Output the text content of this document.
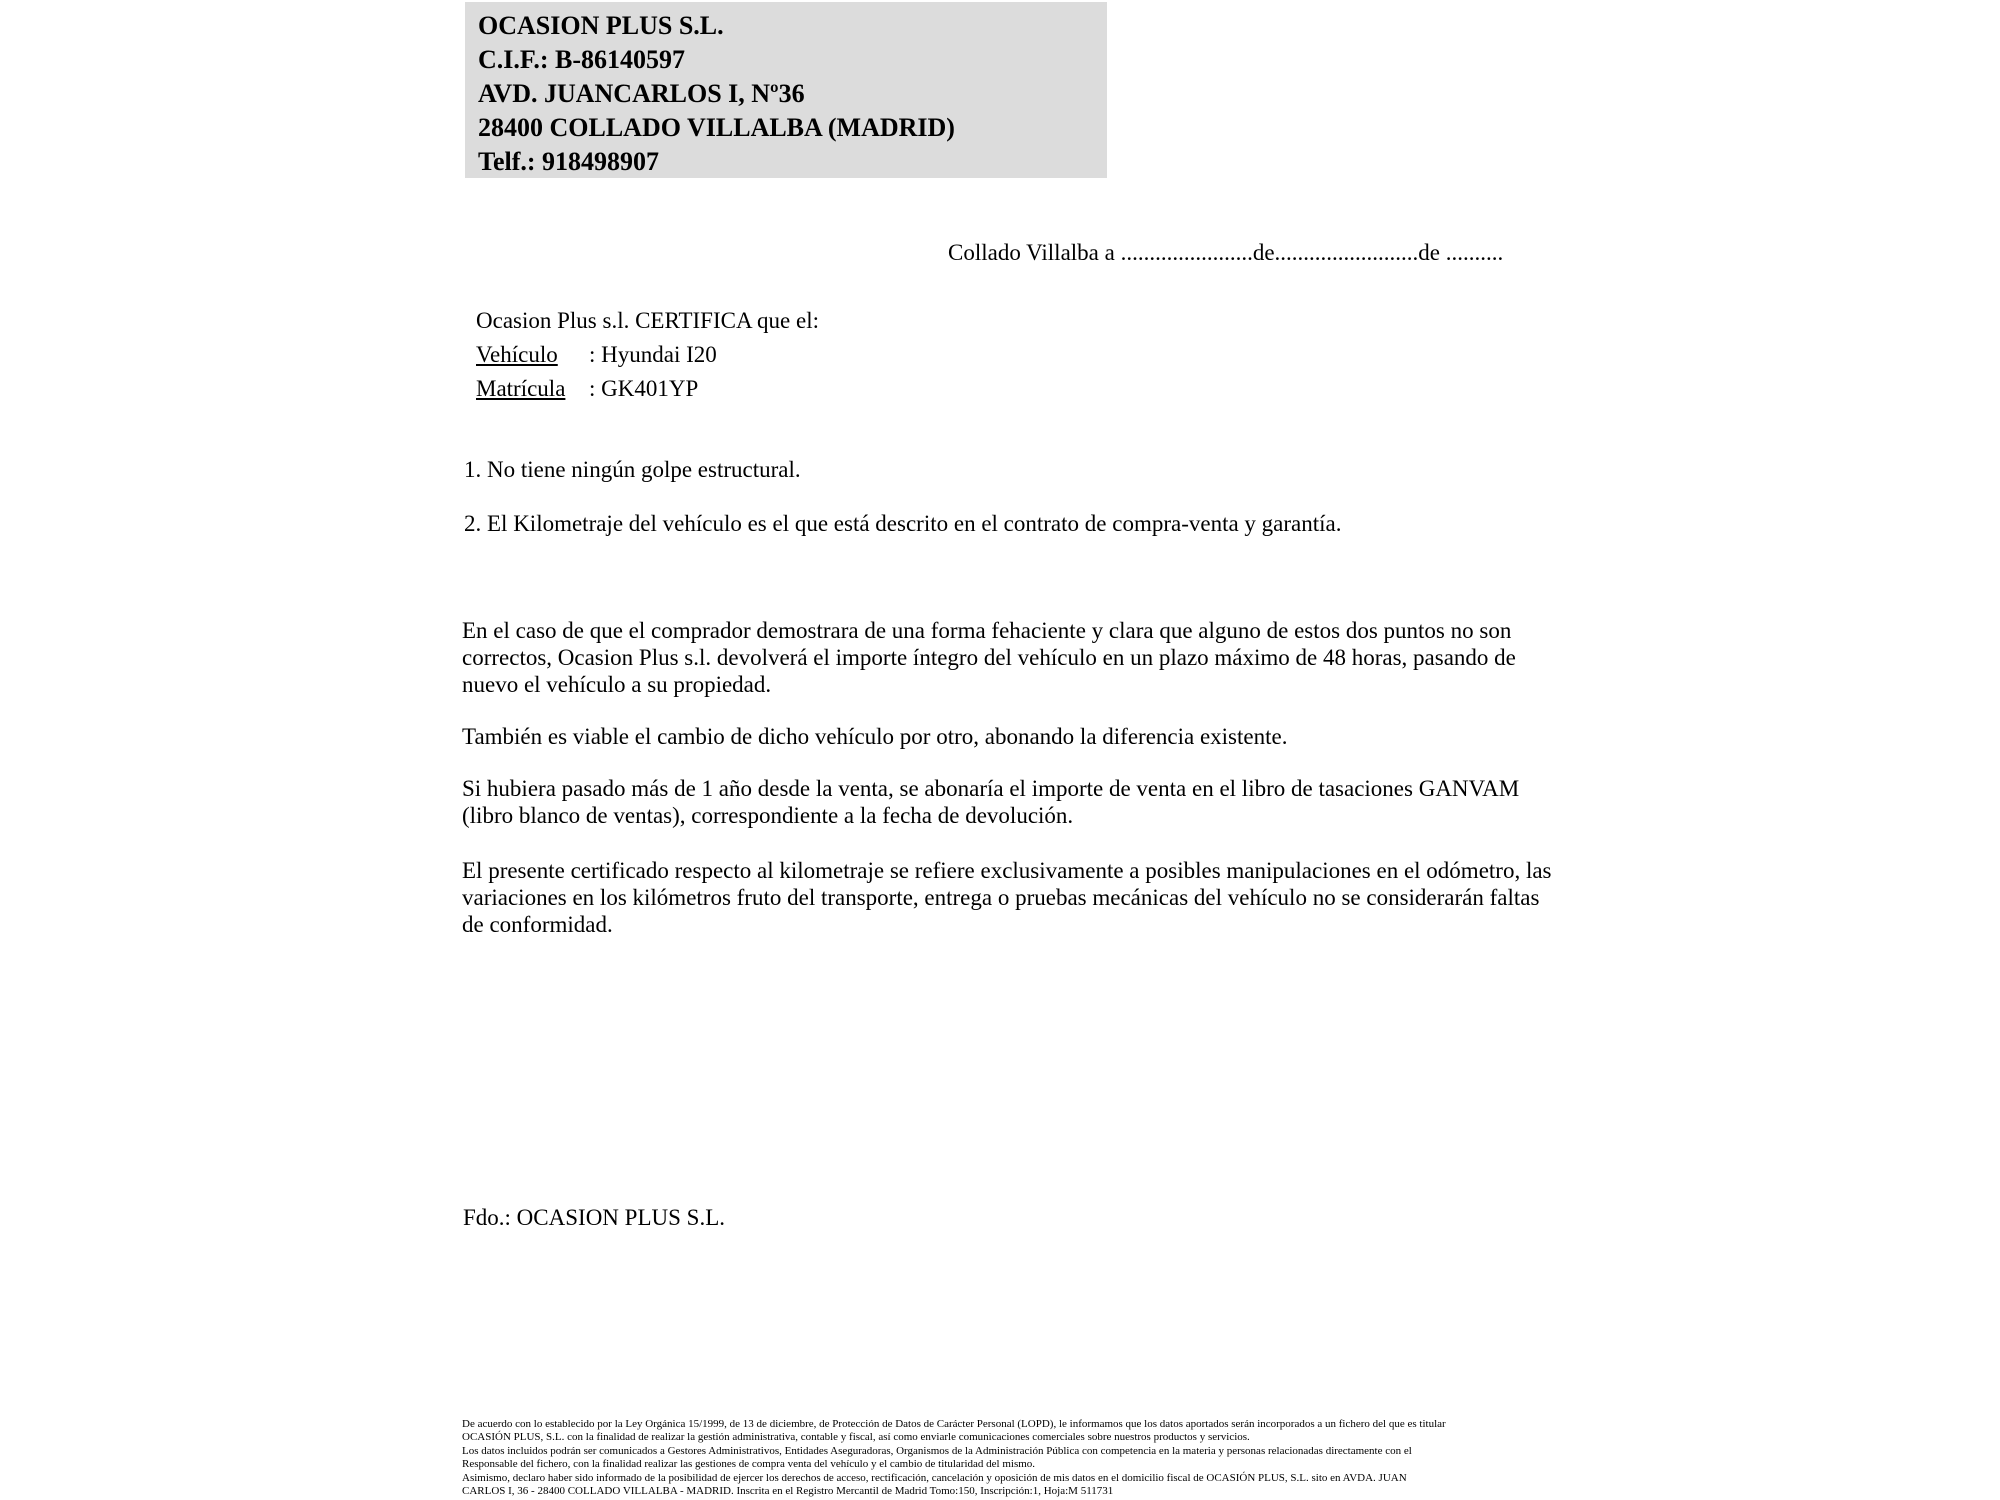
OCASION PLUS S.L.
C.I.F.: B-86140597
AVD. JUANCARLOS I, Nº36
28400 COLLADO VILLALBA (MADRID)
Telf.: 918498907
Collado Villalba a .......................de.........................de ..........
Ocasion Plus s.l. CERTIFICA que el:
Vehículo : Hyundai I20
Matrícula : GK401YP
1. No tiene ningún golpe estructural.
2. El Kilometraje del vehículo es el que está descrito en el contrato de compra-venta y garantía.
En el caso de que el comprador demostrara de una forma fehaciente y clara que alguno de estos dos puntos no son correctos, Ocasion Plus s.l. devolverá el importe íntegro del vehículo en un plazo máximo de 48 horas, pasando de nuevo el vehículo a su propiedad.
También es viable el cambio de dicho vehículo por otro, abonando la diferencia existente.
Si hubiera pasado más de 1 año desde la venta, se abonaría el importe de venta en el libro de tasaciones GANVAM (libro blanco de ventas), correspondiente a la fecha de devolución.
El presente certificado respecto al kilometraje se refiere exclusivamente a posibles manipulaciones en el odómetro, las variaciones en los kilómetros fruto del transporte, entrega o pruebas mecánicas del vehículo no se considerarán faltas de conformidad.
Fdo.: OCASION PLUS S.L.
De acuerdo con lo establecido por la Ley Orgánica 15/1999, de 13 de diciembre, de Protección de Datos de Carácter Personal (LOPD), le informamos que los datos aportados serán incorporados a un fichero del que es titular
OCASIÓN PLUS, S.L. con la finalidad de realizar la gestión administrativa, contable y fiscal, así como enviarle comunicaciones comerciales sobre nuestros productos y servicios.
Los datos incluidos podrán ser comunicados a Gestores Administrativos, Entidades Aseguradoras, Organismos de la Administración Pública con competencia en la materia y personas relacionadas directamente con el
Responsable del fichero, con la finalidad realizar las gestiones de compra venta del vehículo y el cambio de titularidad del mismo.
Asimismo, declaro haber sido informado de la posibilidad de ejercer los derechos de acceso, rectificación, cancelación y oposición de mis datos en el domicilio fiscal de OCASIÓN PLUS, S.L. sito en AVDA. JUAN
CARLOS I, 36 - 28400 COLLADO VILLALBA - MADRID. Inscrita en el Registro Mercantil de Madrid Tomo:150, Inscripción:1, Hoja:M 511731
